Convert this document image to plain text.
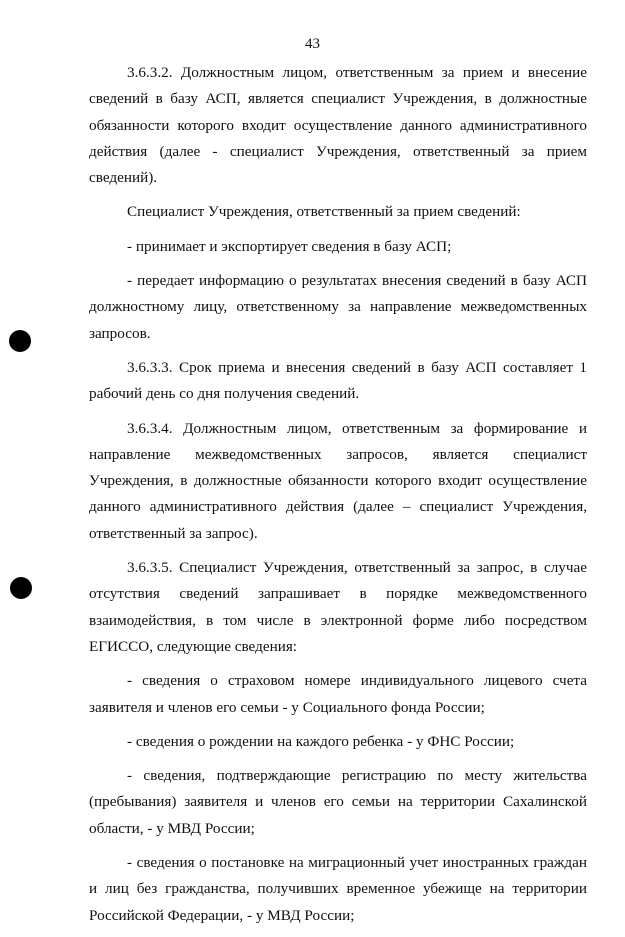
43

3.6.3.2. Должностным лицом, ответственным за прием и внесение сведений в базу АСП, является специалист Учреждения, в должностные обязанности которого входит осуществление данного административного действия (далее - специалист Учреждения, ответственный за прием сведений).

Специалист Учреждения, ответственный за прием сведений:

- принимает и экспортирует сведения в базу АСП;

- передает информацию о результатах внесения сведений в базу АСП должностному лицу, ответственному за направление межведомственных запросов.

3.6.3.3. Срок приема и внесения сведений в базу АСП составляет 1 рабочий день со дня получения сведений.

3.6.3.4. Должностным лицом, ответственным за формирование и направление межведомственных запросов, является специалист Учреждения, в должностные обязанности которого входит осуществление данного административного действия (далее – специалист Учреждения, ответственный за запрос).

3.6.3.5. Специалист Учреждения, ответственный за запрос, в случае отсутствия сведений запрашивает в порядке межведомственного взаимодействия, в том числе в электронной форме либо посредством ЕГИССО, следующие сведения:

- сведения о страховом номере индивидуального лицевого счета заявителя и членов его семьи - у Социального фонда России;

- сведения о рождении на каждого ребенка - у ФНС России;

- сведения, подтверждающие регистрацию по месту жительства (пребывания) заявителя и членов его семьи на территории Сахалинской области, - у МВД России;

- сведения о постановке на миграционный учет иностранных граждан и лиц без гражданства, получивших временное убежище на территории Российской Федерации, - у МВД России;
